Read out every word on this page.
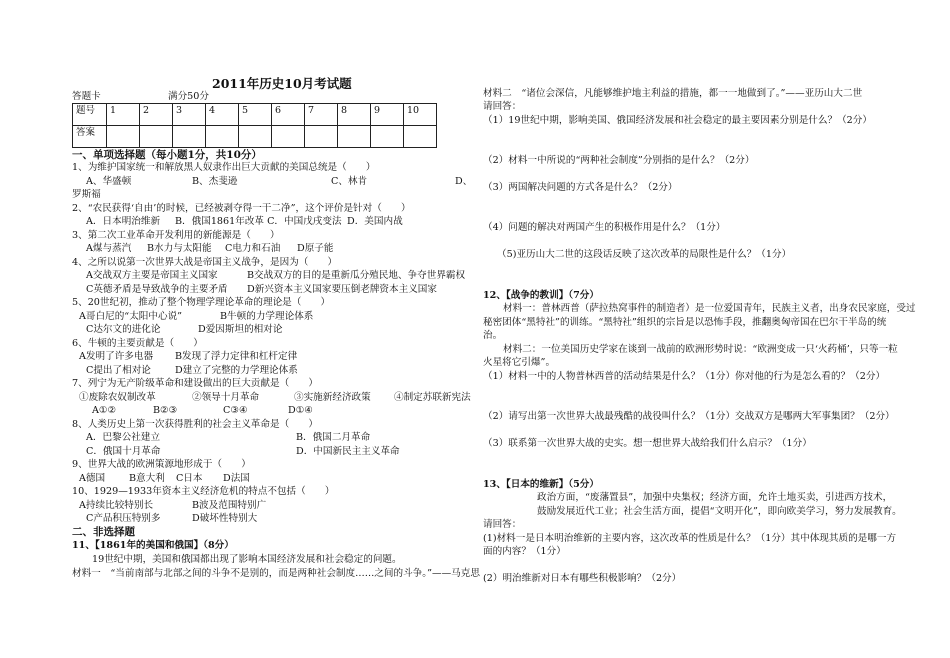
2011年历史10月考试题
答题卡	满分50分
题号	1	2	3	4	5	6	7	8	9	10
答案										
一、单项选择题（每小题1分，共10分）
1、为维护国家统一和解放黑人奴隶作出巨大贡献的美国总统是（　　）
A、华盛顿	B、杰斐逊	C、林肯	D、
罗斯福
2、“农民获得‘自由’的时候，已经被剥夺得一干二净”，这个评价是针对（　　）
A．日本明治维新 B．俄国1861年改革 C．中国戊戌变法 D．美国内战
3、第二次工业革命开发利用的新能源是（　　）
A煤与蒸汽 B水力与太阳能 C电力和石油 D原子能
4、之所以说第一次世界大战是帝国主义战争，是因为（　　）
A交战双方主要是帝国主义国家	B交战双方的目的是重新瓜分殖民地、争夺世界霸权
C英德矛盾是导致战争的主要矛盾 D新兴资本主义国家要压倒老牌资本主义国家
5、20世纪初，推动了整个物理学理论革命的理论是（　　）
A哥白尼的“太阳中心说”	B牛顿的力学理论体系
C达尔文的进化论	D爱因斯坦的相对论
6、牛顿的主要贡献是（　　）
A发明了许多电器 B发现了浮力定律和杠杆定律
C提出了相对论	D建立了完整的力学理论体系
7、列宁为无产阶级革命和建设做出的巨大贡献是（　　）
①废除农奴制改革	②领导十月革命	③实施新经济政策 ④制定苏联新宪法
A①②	B②③	C③④	D①④
8、人类历史上第一次获得胜利的社会主义革命是（　　）
A．巴黎公社建立	B．俄国二月革命
C．俄国十月革命	D．中国新民主主义革命
9、世界大战的欧洲策源地形成于（　　）
A德国 B意大利 C日本 D法国
10、1929—1933年资本主义经济危机的特点不包括（　　）
A持续比较特别长	B波及范围特别广
C产品积压特别多	D破坏性特别大
二、非选择题
11、【1861年的美国和俄国】（8分）
19世纪中期，美国和俄国都出现了影响本国经济发展和社会稳定的问题。
材料一　“当前南部与北部之间的斗争不是别的，而是两种社会制度……之间的斗争。”——马克思
材料二　“诸位会深信，凡能够维护地主利益的措施，都一一地做到了。”——亚历山大二世
请回答：
（1）19世纪中期，影响美国、俄国经济发展和社会稳定的最主要因素分别是什么？（2分）
（2）材料一中所说的“两种社会制度”分别指的是什么？（2分）
（3）两国解决问题的方式各是什么？（2分）
（4）问题的解决对两国产生的积极作用是什么？（1分）
（5)亚历山大二世的这段话反映了这次改革的局限性是什么？（1分）
12、【战争的教训】（7分）
材料一：普林西普（萨拉热窝事件的制造者）是一位爱国青年，民族主义者，出身农民家庭，受过
秘密团体“黑特社”的训练。“黑特社”组织的宗旨是以恐怖手段，推翻奥匈帝国在巴尔干半岛的统
治。
材料二：一位美国历史学家在谈到一战前的欧洲形势时说：“欧洲变成一只‘火药桶’，只等一粒
火星将它引爆”。
（1）材料一中的人物普林西普的活动结果是什么？（1分）你对他的行为是怎么看的？（2分）
（2）请写出第一次世界大战最残酷的战役叫什么？（1分）交战双方是哪两大军事集团？（2分）
（3）联系第一次世界大战的史实。想一想世界大战给我们什么启示？（1分）
13、【日本的维新】（5分）
政治方面，“废藩置县”，加强中央集权；经济方面，允许土地买卖，引进西方技术，
鼓励发展近代工业；社会生活方面，提倡“文明开化”，即向欧美学习，努力发展教育。
请回答：
(1)材料一是日本明治维新的主要内容，这次改革的性质是什么？（1分）其中体现其质的是哪一方
面的内容？（1分）
(2）明治维新对日本有哪些积极影响？（2分）
